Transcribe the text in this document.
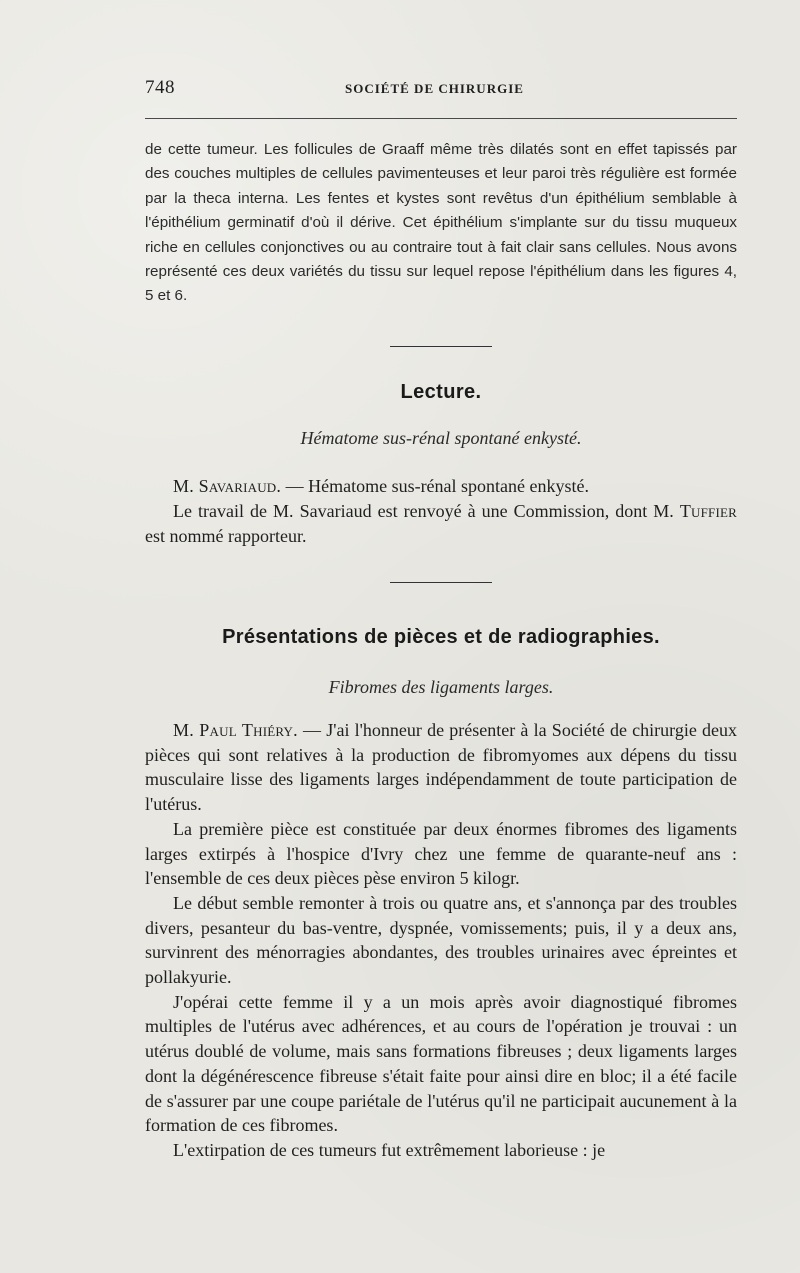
748	SOCIÉTÉ DE CHIRURGIE

de cette tumeur. Les follicules de Graaff même très dilatés sont en effet tapissés par des couches multiples de cellules pavimenteuses et leur paroi très régulière est formée par la theca interna. Les fentes et kystes sont revêtus d'un épithélium semblable à l'épithélium germinatif d'où il dérive. Cet épithélium s'implante sur du tissu muqueux riche en cellules conjonctives ou au contraire tout à fait clair sans cellules. Nous avons représenté ces deux variétés du tissu sur lequel repose l'épithélium dans les figures 4, 5 et 6.

Lecture.
Hématome sus-rénal spontané enkysté.

M. Savariaud. — Hématome sus-rénal spontané enkysté.

Le travail de M. Savariaud est renvoyé à une Commission, dont M. Tuffier est nommé rapporteur.

Présentations de pièces et de radiographies.
Fibromes des ligaments larges.

M. Paul Thiéry. — J'ai l'honneur de présenter à la Société de chirurgie deux pièces qui sont relatives à la production de fibromyomes aux dépens du tissu musculaire lisse des ligaments larges indépendamment de toute participation de l'utérus.

La première pièce est constituée par deux énormes fibromes des ligaments larges extirpés à l'hospice d'Ivry chez une femme de quarante-neuf ans : l'ensemble de ces deux pièces pèse environ 5 kilogr.

Le début semble remonter à trois ou quatre ans, et s'annonça par des troubles divers, pesanteur du bas-ventre, dyspnée, vomissements; puis, il y a deux ans, survinrent des ménorragies abondantes, des troubles urinaires avec épreintes et pollakyurie.

J'opérai cette femme il y a un mois après avoir diagnostiqué fibromes multiples de l'utérus avec adhérences, et au cours de l'opération je trouvai : un utérus doublé de volume, mais sans formations fibreuses ; deux ligaments larges dont la dégénérescence fibreuse s'était faite pour ainsi dire en bloc; il a été facile de s'assurer par une coupe pariétale de l'utérus qu'il ne participait aucunement à la formation de ces fibromes.

L'extirpation de ces tumeurs fut extrêmement laborieuse : je
